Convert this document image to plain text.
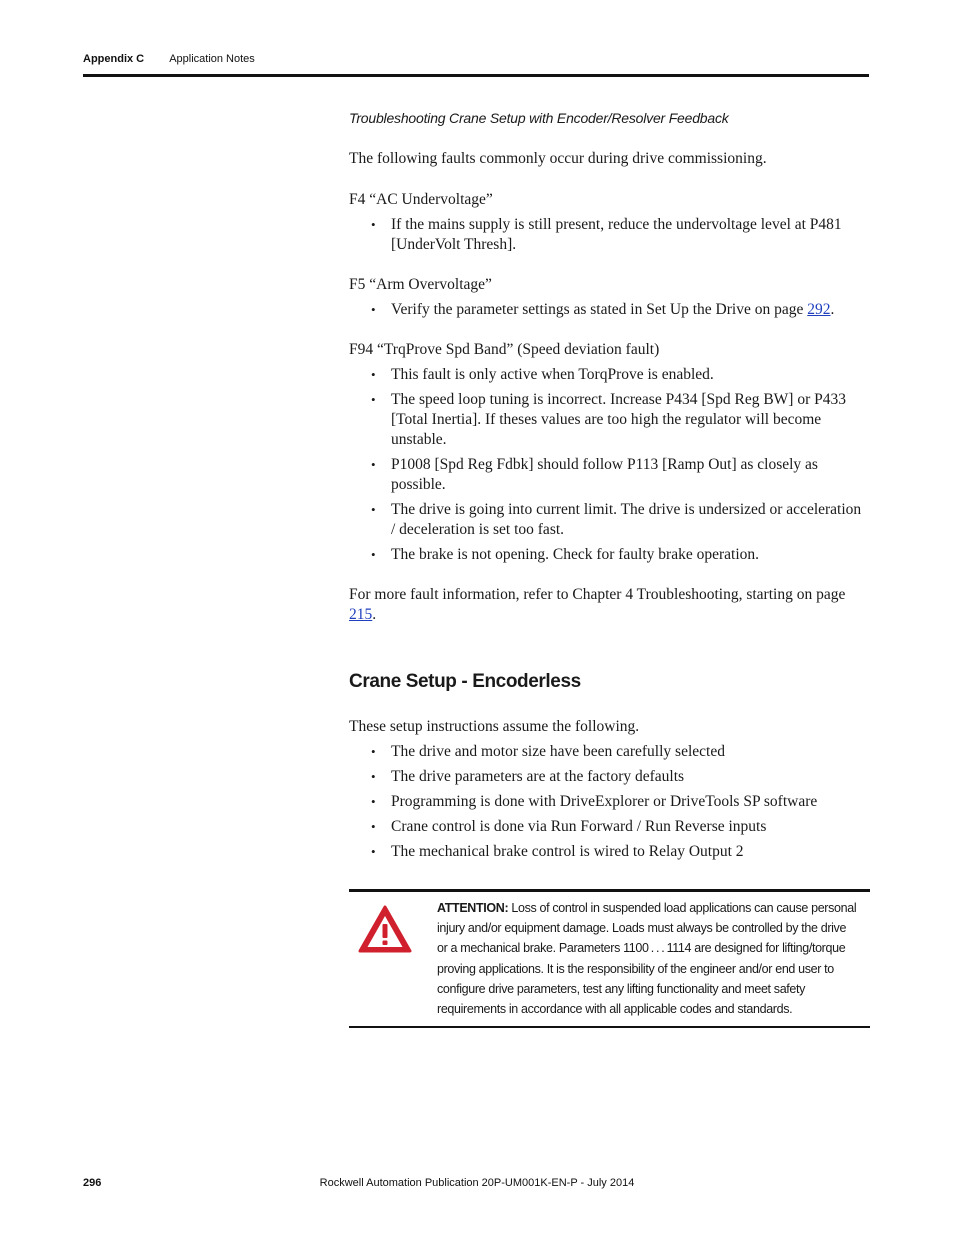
Appendix C Application Notes
Troubleshooting Crane Setup with Encoder/Resolver Feedback

The following faults commonly occur during drive commissioning.

F4 “AC Undervoltage”

• If the mains supply is still present, reduce the undervoltage level at P481 [UnderVolt Thresh].

F5 “Arm Overvoltage”

• Verify the parameter settings as stated in Set Up the Drive on page 292.

F94 “TrqProve Spd Band” (Speed deviation fault)

• This fault is only active when TorqProve is enabled.
• The speed loop tuning is incorrect. Increase P434 [Spd Reg BW] or P433 [Total Inertia]. If theses values are too high the regulator will become unstable.
• P1008 [Spd Reg Fdbk] should follow P113 [Ramp Out] as closely as possible.
• The drive is going into current limit. The drive is undersized or acceleration / deceleration is set too fast.
• The brake is not opening. Check for faulty brake operation.

For more fault information, refer to Chapter 4 Troubleshooting, starting on page 215.

Crane Setup - Encoderless

These setup instructions assume the following.

• The drive and motor size have been carefully selected
• The drive parameters are at the factory defaults
• Programming is done with DriveExplorer or DriveTools SP software
• Crane control is done via Run Forward / Run Reverse inputs
• The mechanical brake control is wired to Relay Output 2
ATTENTION: Loss of control in suspended load applications can cause personal injury and/or equipment damage. Loads must always be controlled by the drive or a mechanical brake. Parameters 1100 . . . 1114 are designed for lifting/torque proving applications. It is the responsibility of the engineer and/or end user to configure drive parameters, test any lifting functionality and meet safety requirements in accordance with all applicable codes and standards.
296	Rockwell Automation Publication 20P-UM001K-EN-P - July 2014
